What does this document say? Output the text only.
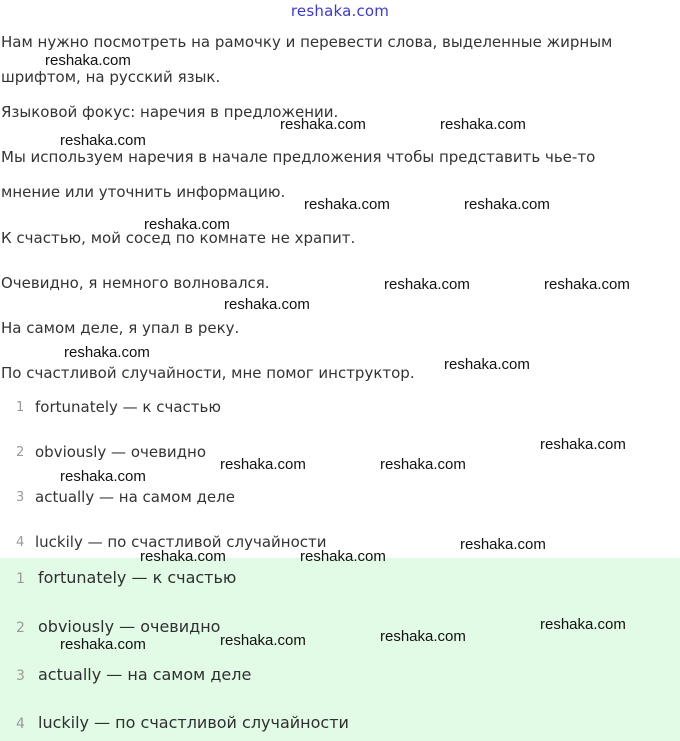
reshaka.com
Нам нужно посмотреть на рамочку и перевести слова, выделенные жирным
шрифтом, на русский язык.
Языковой фокус: наречия в предложении.
Мы используем наречия в начале предложения чтобы представить чье-то
мнение или уточнить информацию.
К счастью, мой сосед по комнате не храпит.
Очевидно, я немного волновался.
На самом деле, я упал в реку.
По счастливой случайности, мне помог инструктор.
1 fortunately — к счастью
2 obviously — очевидно
3 actually — на самом деле
4 luckily — по счастливой случайности
1 fortunately — к счастью
2 obviously — очевидно
3 actually — на самом деле
4 luckily — по счастливой случайности
reshaka.com
reshaka.com	reshaka.com
reshaka.com
reshaka.com	reshaka.com
reshaka.com
reshaka.com	reshaka.com
reshaka.com
reshaka.com
reshaka.com
reshaka.com
reshaka.com	reshaka.com
reshaka.com
reshaka.com
reshaka.com	reshaka.com
reshaka.com
reshaka.com
reshaka.com
reshaka.com
